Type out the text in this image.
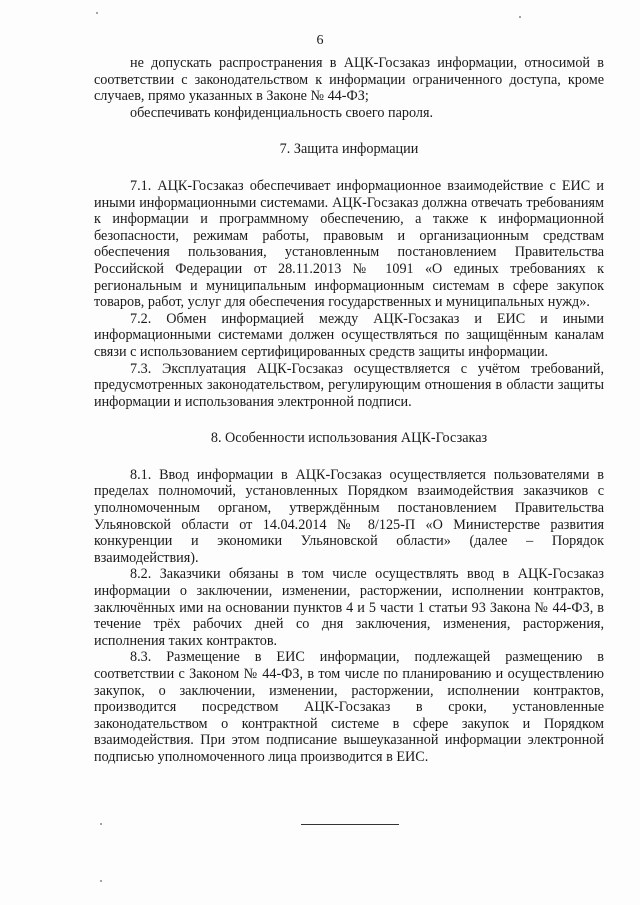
6

не допускать распространения в АЦК-Госзаказ информации, относимой в соответствии с законодательством к информации ограниченного доступа, кроме случаев, прямо указанных в Законе № 44-ФЗ;

обеспечивать конфиденциальность своего пароля.

7. Защита информации

7.1. АЦК-Госзаказ обеспечивает информационное взаимодействие с ЕИС и иными информационными системами. АЦК-Госзаказ должна отвечать требованиям к информации и программному обеспечению, а также к информационной безопасности, режимам работы, правовым и организационным средствам обеспечения пользования, установленным постановлением Правительства Российской Федерации от 28.11.2013 № 1091 «О единых требованиях к региональным и муниципальным информационным системам в сфере закупок товаров, работ, услуг для обеспечения государственных и муниципальных нужд».

7.2. Обмен информацией между АЦК-Госзаказ и ЕИС и иными информационными системами должен осуществляться по защищённым каналам связи с использованием сертифицированных средств защиты информации.

7.3. Эксплуатация АЦК-Госзаказ осуществляется с учётом требований, предусмотренных законодательством, регулирующим отношения в области защиты информации и использования электронной подписи.

8. Особенности использования АЦК-Госзаказ

8.1. Ввод информации в АЦК-Госзаказ осуществляется пользователями в пределах полномочий, установленных Порядком взаимодействия заказчиков с уполномоченным органом, утверждённым постановлением Правительства Ульяновской области от 14.04.2014 № 8/125-П «О Министерстве развития конкуренции и экономики Ульяновской области» (далее – Порядок взаимодействия).

8.2. Заказчики обязаны в том числе осуществлять ввод в АЦК-Госзаказ информации о заключении, изменении, расторжении, исполнении контрактов, заключённых ими на основании пунктов 4 и 5 части 1 статьи 93 Закона № 44-ФЗ, в течение трёх рабочих дней со дня заключения, изменения, расторжения, исполнения таких контрактов.

8.3. Размещение в ЕИС информации, подлежащей размещению в соответствии с Законом № 44-ФЗ, в том числе по планированию и осуществлению закупок, о заключении, изменении, расторжении, исполнении контрактов, производится посредством АЦК-Госзаказ в сроки, установленные законодательством о контрактной системе в сфере закупок и Порядком взаимодействия. При этом подписание вышеуказанной информации электронной подписью уполномоченного лица производится в ЕИС.
